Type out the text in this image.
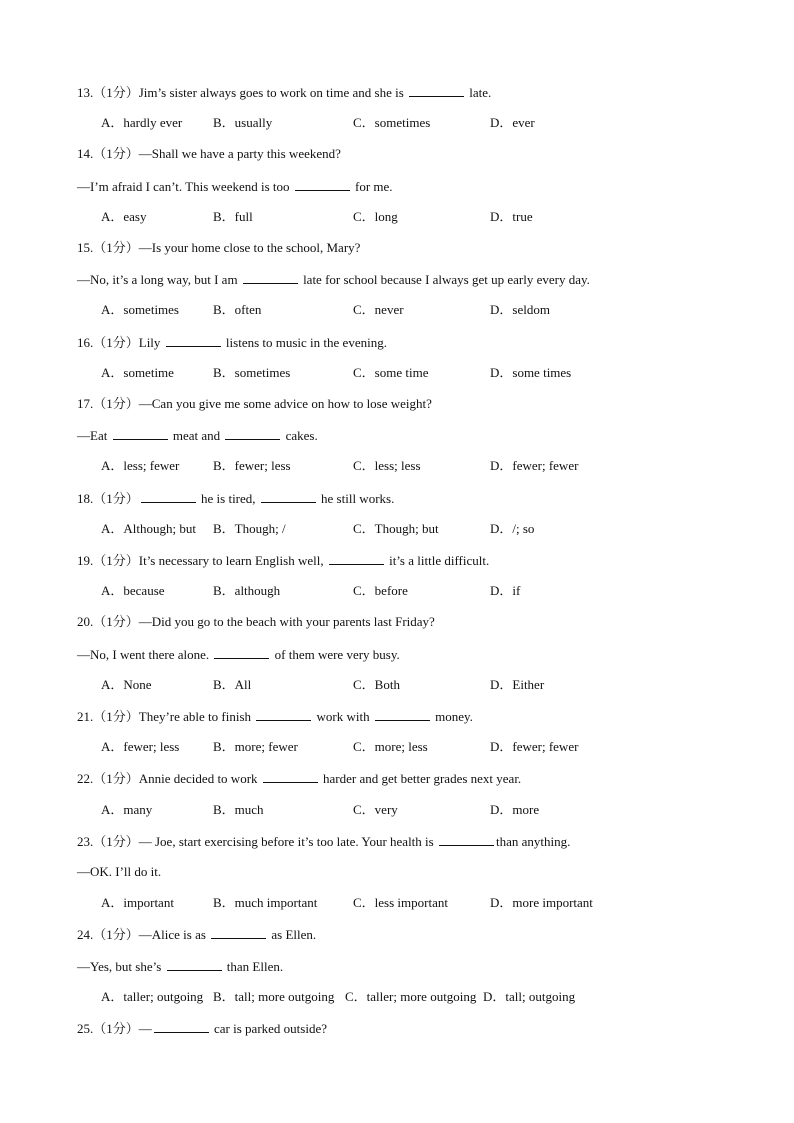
13.（1分）Jim’s sister always goes to work on time and she is	late.
A．hardly ever B．usually	C．sometimes	D．ever
14.（1分）—Shall we have a party this weekend?
—I’m afraid I can’t. This weekend is too	for me.
A．easy	B．full	C．long	D．true
15.（1分）—Is your home close to the school, Mary?
—No, it’s a long way, but I am	late for school because I always get up early every day.
A．sometimes	B．often	C．never	D．seldom
16.（1分）Lily	listens to music in the evening.
A．sometime	B．sometimes	C．some time	D．some times
17.（1分）—Can you give me some advice on how to lose weight?
—Eat	meat and	cakes.
A．less; fewer	B．fewer; less	C．less; less	D．fewer; fewer
18.（1分）	he is tired,	he still works.
A．Although; but B．Though; /	C．Though; but	D．/; so
19.（1分）It’s necessary to learn English well,	it’s a little difficult.
A．because	B．although	C．before	D．if
20.（1分）—Did you go to the beach with your parents last Friday?
—No, I went there alone.	of them were very busy.
A．None	B．All	C．Both	D．Either
21.（1分）They’re able to finish	work with	money.
A．fewer; less	B．more; fewer	C．more; less	D．fewer; fewer
22.（1分）Annie decided to work	harder and get better grades next year.
A．many	B．much	C．very	D．more
23.（1分）— Joe, start exercising before it’s too late. Your health is	than anything.
—OK. I’ll do it.
A．important	B．much important	C．less important	D．more important
24.（1分）—Alice is as	as Ellen.
—Yes, but she’s	than Ellen.
A．taller; outgoing B．tall; more outgoing C．taller; more outgoing D．tall; outgoing
25.（1分）—	car is parked outside?
